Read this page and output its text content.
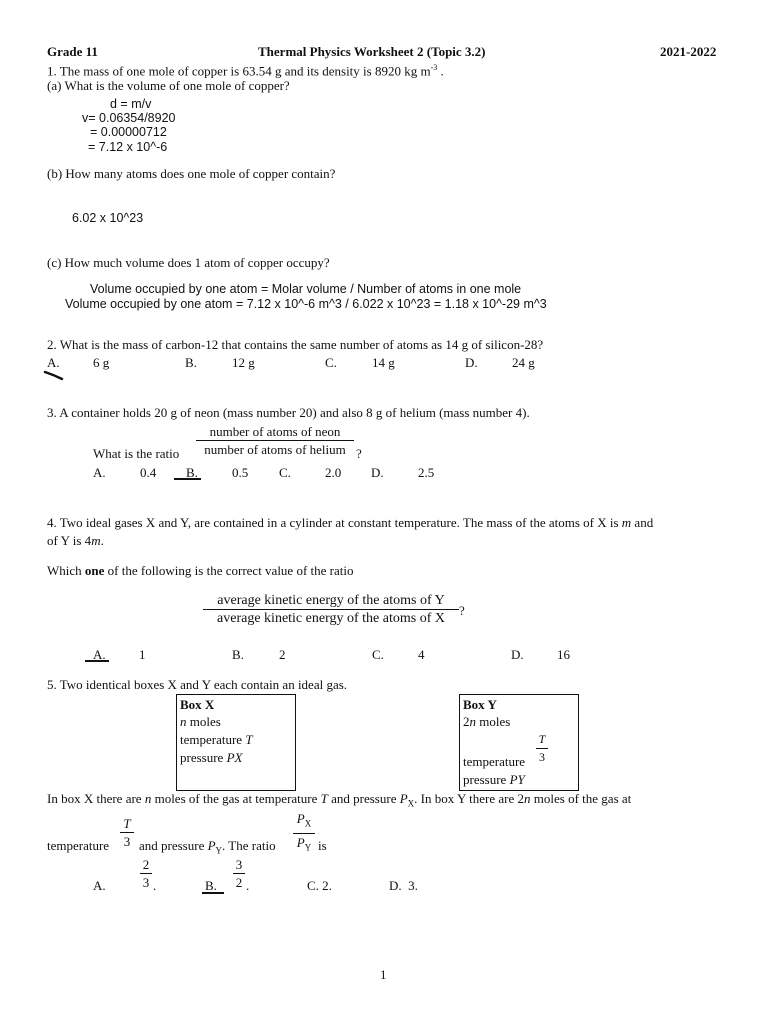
Grade 11	Thermal Physics Worksheet 2 (Topic 3.2)	2021-2022
1. The mass of one mole of copper is 63.54 g and its density is 8920 kg $m^{-3}$ .
(a) What is the volume of one mole of copper?
d = m/v
v= 0.06354/8920
= 0.00000712
= 7.12 x 10^-6
(b) How many atoms does one mole of copper contain?
6.02 x 10^23
(c) How much volume does 1 atom of copper occupy?
Volume occupied by one atom = Molar volume / Number of atoms in one mole
Volume occupied by one atom = 7.12 x 10^-6 m^3 / 6.022 x 10^23 = 1.18 x 10^-29 m^3
2. What is the mass of carbon-12 that contains the same number of atoms as 14 g of silicon-28?
A.	6 g	B.	12 g	C.	14 g	D.	24 g
3. A container holds 20 g of neon (mass number 20) and also 8 g of helium (mass number 4).
number of atoms of neon
number of atoms of helium
What is the ratio	?
A.	0.4 B.	0.5 C.	2.0 D.	2.5
4. Two ideal gases X and Y, are contained in a cylinder at constant temperature. The mass of the atoms of X is m and
of Y is 4m.
Which one of the following is the correct value of the ratio
average kinetic energy of the atoms of Y
average kinetic energy of the atoms of X
?
A.	1	B.	2	C.	4	D.	16
5. Two identical boxes X and Y each contain an ideal gas.
Box X
n moles
temperature T
pressure PX
Box Y
2n moles
T
3
temperature
pressure PY
In box X there are n moles of the gas at temperature T and pressure $P_X$. In box Y there are 2n moles of the gas at
temperature
T
3 and pressure $P_Y$. The ratio
$P_X$
$P_Y$ is
A.
2
3 .	B.
3
2 .	C. 2.	D. 3.
1
